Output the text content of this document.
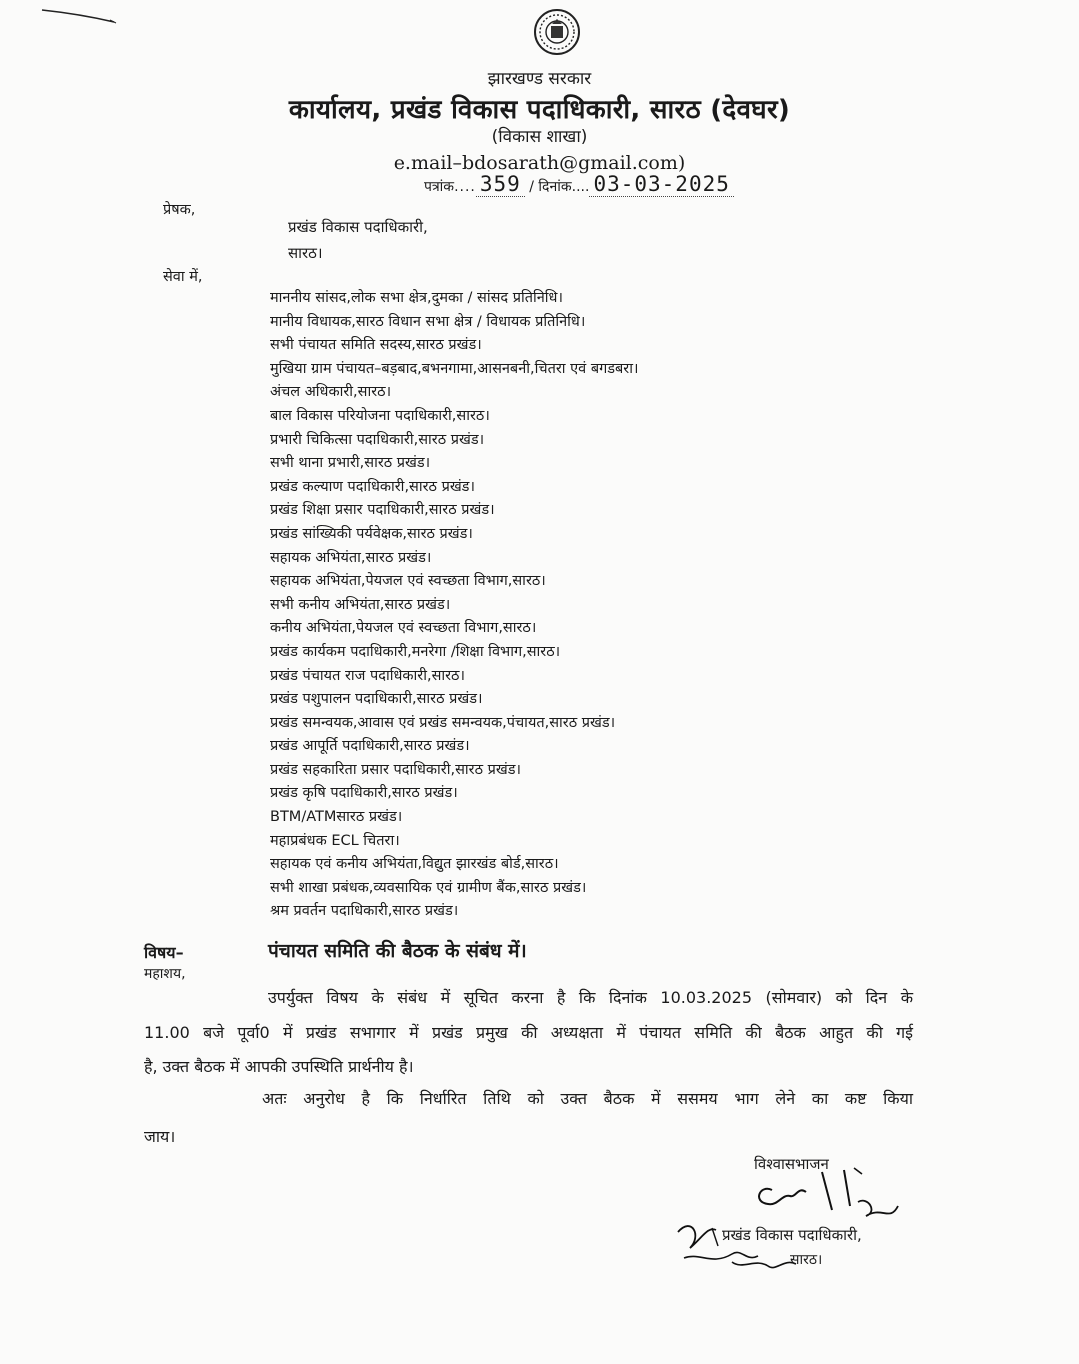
झारखण्ड सरकार
कार्यालय, प्रखंड विकास पदाधिकारी, सारठ (देवघर)
(विकास शाखा)
e.mail–bdosarath@gmail.com)
पत्रांक.... 359 / दिनांक.... 03-03-2025
प्रेषक,
प्रखंड विकास पदाधिकारी,
सारठ।
सेवा में,
माननीय सांसद,लोक सभा क्षेत्र,दुमका / सांसद प्रतिनिधि।
मानीय विधायक,सारठ विधान सभा क्षेत्र / विधायक प्रतिनिधि।
सभी पंचायत समिति सदस्य,सारठ प्रखंड।
मुखिया ग्राम पंचायत–बड़बाद,बभनगामा,आसनबनी,चितरा एवं बगडबरा।
अंचल अधिकारी,सारठ।
बाल विकास परियोजना पदाधिकारी,सारठ।
प्रभारी चिकित्सा पदाधिकारी,सारठ प्रखंड।
सभी थाना प्रभारी,सारठ प्रखंड।
प्रखंड कल्याण पदाधिकारी,सारठ प्रखंड।
प्रखंड शिक्षा प्रसार पदाधिकारी,सारठ प्रखंड।
प्रखंड सांख्यिकी पर्यवेक्षक,सारठ प्रखंड।
सहायक अभियंता,सारठ प्रखंड।
सहायक अभियंता,पेयजल एवं स्वच्छता विभाग,सारठ।
सभी कनीय अभियंता,सारठ प्रखंड।
कनीय अभियंता,पेयजल एवं स्वच्छता विभाग,सारठ।
प्रखंड कार्यकम पदाधिकारी,मनरेगा /शिक्षा विभाग,सारठ।
प्रखंड पंचायत राज पदाधिकारी,सारठ।
प्रखंड पशुपालन पदाधिकारी,सारठ प्रखंड।
प्रखंड समन्वयक,आवास एवं प्रखंड समन्वयक,पंचायत,सारठ प्रखंड।
प्रखंड आपूर्ति पदाधिकारी,सारठ प्रखंड।
प्रखंड सहकारिता प्रसार पदाधिकारी,सारठ प्रखंड।
प्रखंड कृषि पदाधिकारी,सारठ प्रखंड।
BTM/ATMसारठ प्रखंड।
महाप्रबंधक ECL चितरा।
सहायक एवं कनीय अभियंता,विद्युत झारखंड बोर्ड,सारठ।
सभी शाखा प्रबंधक,व्यवसायिक एवं ग्रामीण बैंक,सारठ प्रखंड।
श्रम प्रवर्तन पदाधिकारी,सारठ प्रखंड।
विषय–	पंचायत समिति की बैठक के संबंध में।
महाशय,
उपर्युक्त विषय के संबंध में सूचित करना है कि दिनांक 10.03.2025 (सोमवार) को दिन के
11.00 बजे पूर्वा0 में प्रखंड सभागार में प्रखंड प्रमुख की अध्यक्षता में पंचायत समिति की बैठक आहुत की गई
है, उक्त बैठक में आपकी उपस्थिति प्रार्थनीय है।
अतः अनुरोध है कि निर्धारित तिथि को उक्त बैठक में ससमय भाग लेने का कष्ट किया
जाय।
विश्वासभाजन
प्रखंड विकास पदाधिकारी,
सारठ।
